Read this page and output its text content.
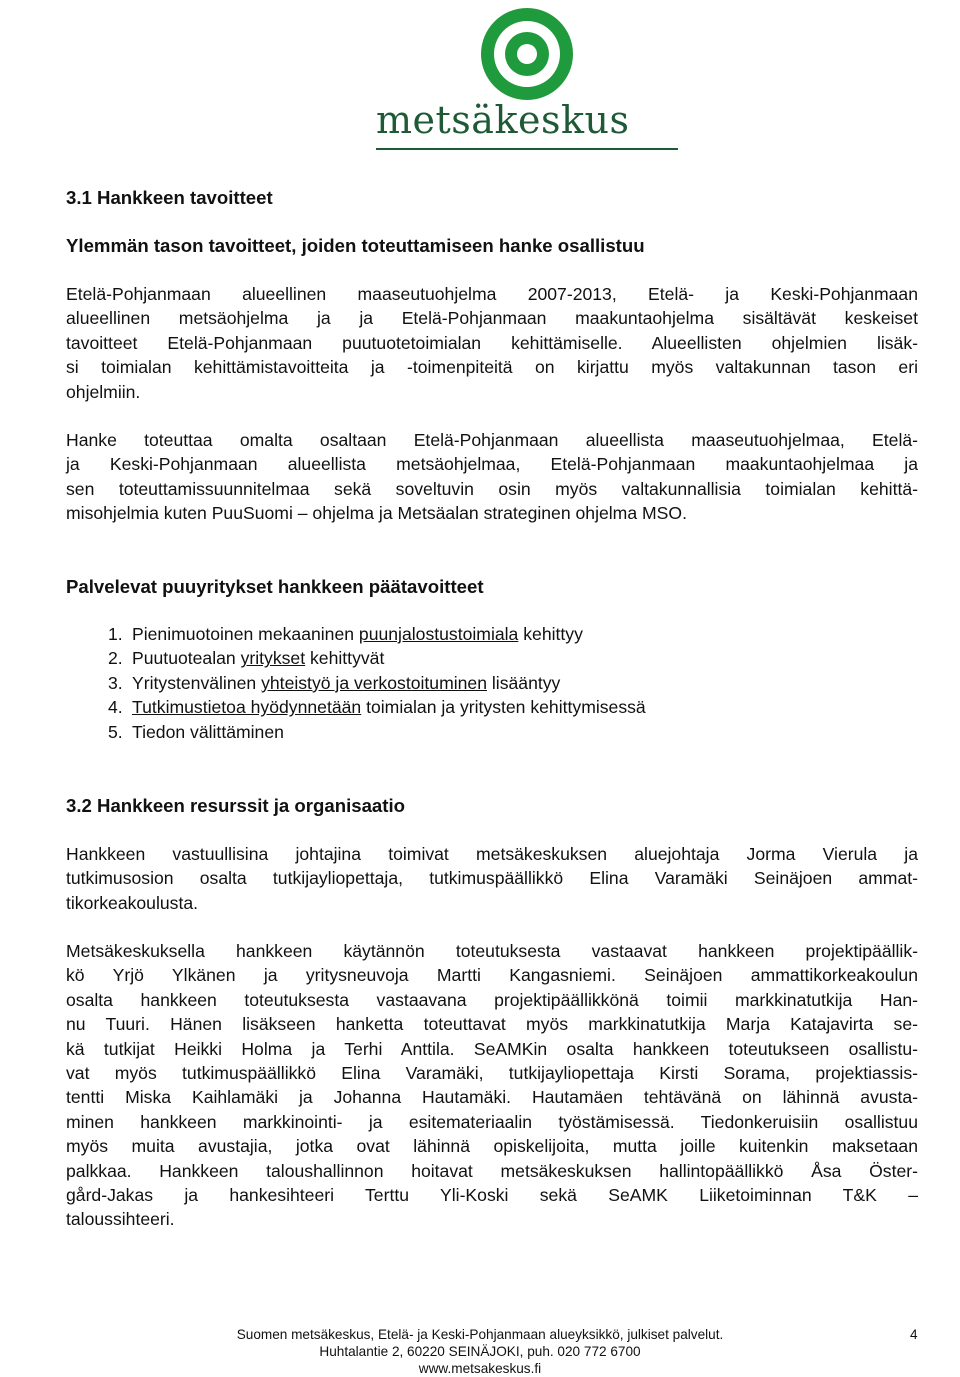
metsäkeskus
3.1 Hankkeen tavoitteet
Ylemmän tason tavoitteet, joiden toteuttamiseen hanke osallistuu
Etelä-Pohjanmaan alueellinen maaseutuohjelma 2007-2013, Etelä- ja Keski-Pohjanmaan
alueellinen metsäohjelma ja ja Etelä-Pohjanmaan maakuntaohjelma sisältävät keskeiset
tavoitteet Etelä-Pohjanmaan puutuotetoimialan kehittämiselle. Alueellisten ohjelmien lisäk-
si toimialan kehittämistavoitteita ja -toimenpiteitä on kirjattu myös valtakunnan tason eri
ohjelmiin.
Hanke toteuttaa omalta osaltaan Etelä-Pohjanmaan alueellista maaseutuohjelmaa, Etelä-
ja Keski-Pohjanmaan alueellista metsäohjelmaa, Etelä-Pohjanmaan maakuntaohjelmaa ja
sen toteuttamissuunnitelmaa sekä soveltuvin osin myös valtakunnallisia toimialan kehittä-
misohjelmia kuten PuuSuomi – ohjelma ja Metsäalan strateginen ohjelma MSO.
Palvelevat puuyritykset hankkeen päätavoitteet
1. Pienimuotoinen mekaaninen puunjalostustoimiala kehittyy
2. Puutuotealan yritykset kehittyvät
3. Yritystenvälinen yhteistyö ja verkostoituminen lisääntyy
4. Tutkimustietoa hyödynnetään toimialan ja yritysten kehittymisessä
5. Tiedon välittäminen
3.2 Hankkeen resurssit ja organisaatio
Hankkeen vastuullisina johtajina toimivat metsäkeskuksen aluejohtaja Jorma Vierula ja
tutkimusosion osalta tutkijayliopettaja, tutkimuspäällikkö Elina Varamäki Seinäjoen ammat-
tikorkeakoulusta.
Metsäkeskuksella hankkeen käytännön toteutuksesta vastaavat hankkeen projektipäällik-
kö Yrjö Ylkänen ja yritysneuvoja Martti Kangasniemi. Seinäjoen ammattikorkeakoulun
osalta hankkeen toteutuksesta vastaavana projektipäällikkönä toimii markkinatutkija Han-
nu Tuuri. Hänen lisäkseen hanketta toteuttavat myös markkinatutkija Marja Katajavirta se-
kä tutkijat Heikki Holma ja Terhi Anttila. SeAMKin osalta hankkeen toteutukseen osallistu-
vat myös tutkimuspäällikkö Elina Varamäki, tutkijayliopettaja Kirsti Sorama, projektiassis-
tentti Miska Kaihlamäki ja Johanna Hautamäki. Hautamäen tehtävänä on lähinnä avusta-
minen hankkeen markkinointi- ja esitemateriaalin työstämisessä. Tiedonkeruisiin osallistuu
myös muita avustajia, jotka ovat lähinnä opiskelijoita, mutta joille kuitenkin maksetaan
palkkaa. Hankkeen taloushallinnon hoitavat metsäkeskuksen hallintopäällikkö Åsa Öster-
gård-Jakas ja hankesihteeri Terttu Yli-Koski sekä SeAMK Liiketoiminnan T&K –
taloussihteeri.
Suomen metsäkeskus, Etelä- ja Keski-Pohjanmaan alueyksikkö, julkiset palvelut.
Huhtalantie 2, 60220 SEINÄJOKI, puh. 020 772 6700
www.metsakeskus.fi
4
